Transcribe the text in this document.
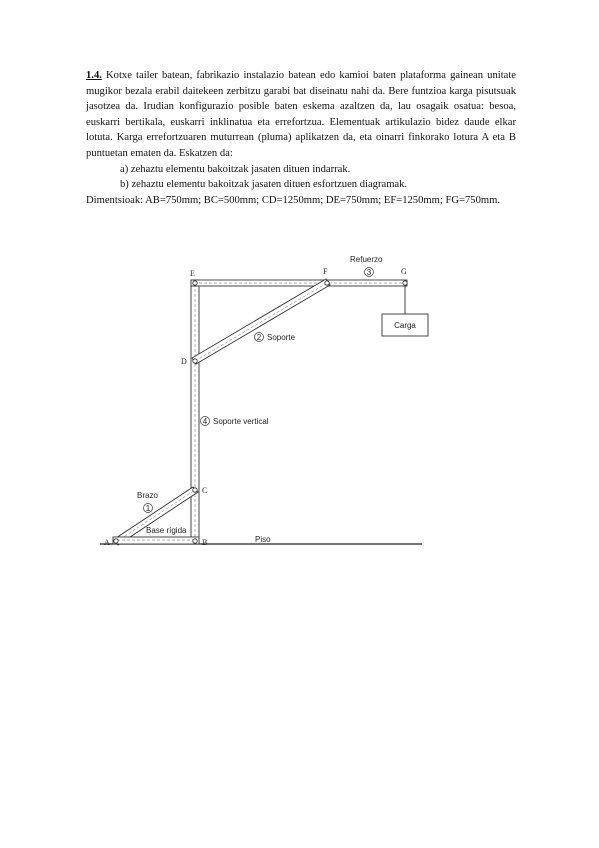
1.4. Kotxe tailer batean, fabrikazio instalazio batean edo kamioi baten plataforma gainean unitate mugikor bezala erabil daitekeen zerbitzu garabi bat diseinatu nahi da. Bere funtzioa karga pisutsuak jasotzea da. Irudian konfigurazio posible baten eskema azaltzen da, lau osagaik osatua: besoa, euskarri bertikala, euskarri inklinatua eta errefortzua. Elementuak artikulazio bidez daude elkar lotuta. Karga errefortzuaren muturrean (pluma) aplikatzen da, eta oinarri finkorako lotura A eta B puntuetan ematen da. Eskatzen da:

a) zehaztu elementu bakoitzak jasaten dituen indarrak.
b) zehaztu elementu bakoitzak jasaten dituen esfortzuen diagramak.

Dimentsioak: AB=750mm; BC=500mm; CD=1250mm; DE=750mm; EF=1250mm; FG=750mm.

Carga
A	B
C
D
E	F	G
Refuerzo
3
2 Soporte
4 Soporte vertical
Brazo
1
Base rígida
Piso
